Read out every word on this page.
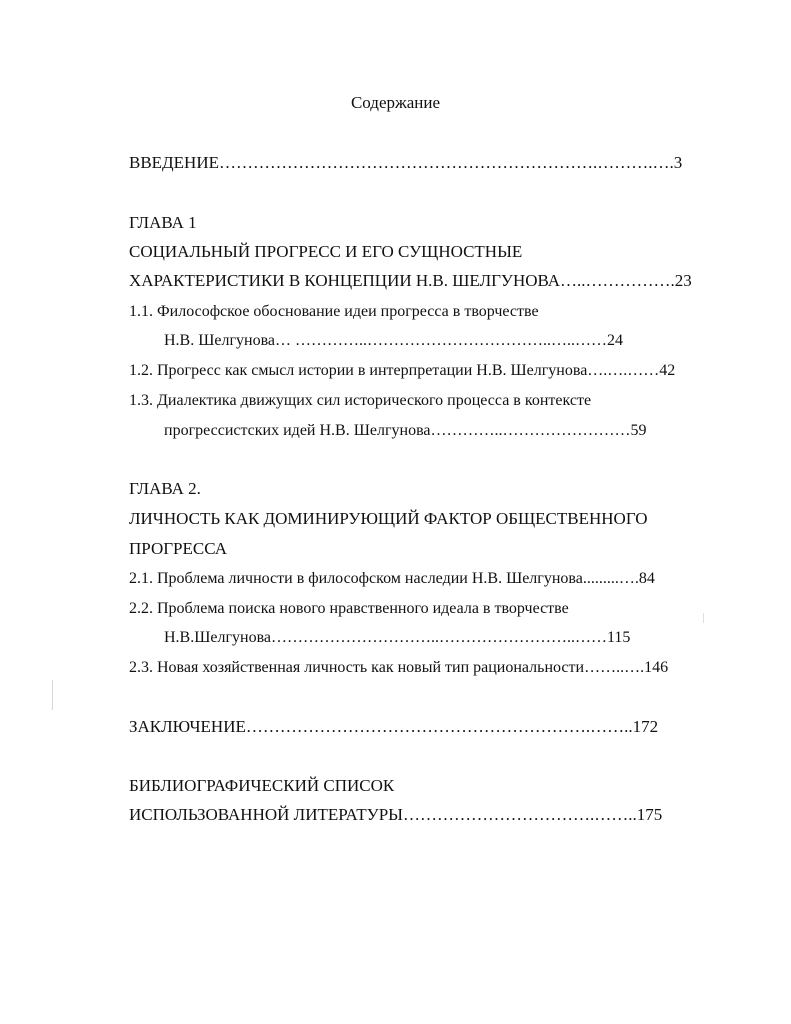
Содержание
ВВЕДЕНИЕ………………………………………………………….……….….3
ГЛАВА 1
СОЦИАЛЬНЫЙ ПРОГРЕСС И ЕГО СУЩНОСТНЫЕ
ХАРАКТЕРИСТИКИ В КОНЦЕПЦИИ Н.В. ШЕЛГУНОВА…..…………….23
1.1. Философское обоснование идеи прогресса в творчестве
Н.В. Шелгунова… …………..……………………………..…..……24
1.2. Прогресс как смысл истории в интерпретации Н.В. Шелгунова….….……42
1.3. Диалектика движущих сил исторического процесса в контексте
прогрессистских идей Н.В. Шелгунова…………..……………………59
ГЛАВА 2.
ЛИЧНОСТЬ КАК ДОМИНИРУЮЩИЙ ФАКТОР ОБЩЕСТВЕННОГО
ПРОГРЕССА
2.1. Проблема личности в философском наследии Н.В. Шелгунова.........….84
2.2. Проблема поиска нового нравственного идеала в творчестве
Н.В.Шелгунова…………………………..……………………..……115
2.3. Новая хозяйственная личность как новый тип рациональности……..….146
ЗАКЛЮЧЕНИЕ…………………………………………………….……..172
БИБЛИОГРАФИЧЕСКИЙ СПИСОК
ИСПОЛЬЗОВАННОЙ ЛИТЕРАТУРЫ…………………………….……..175
